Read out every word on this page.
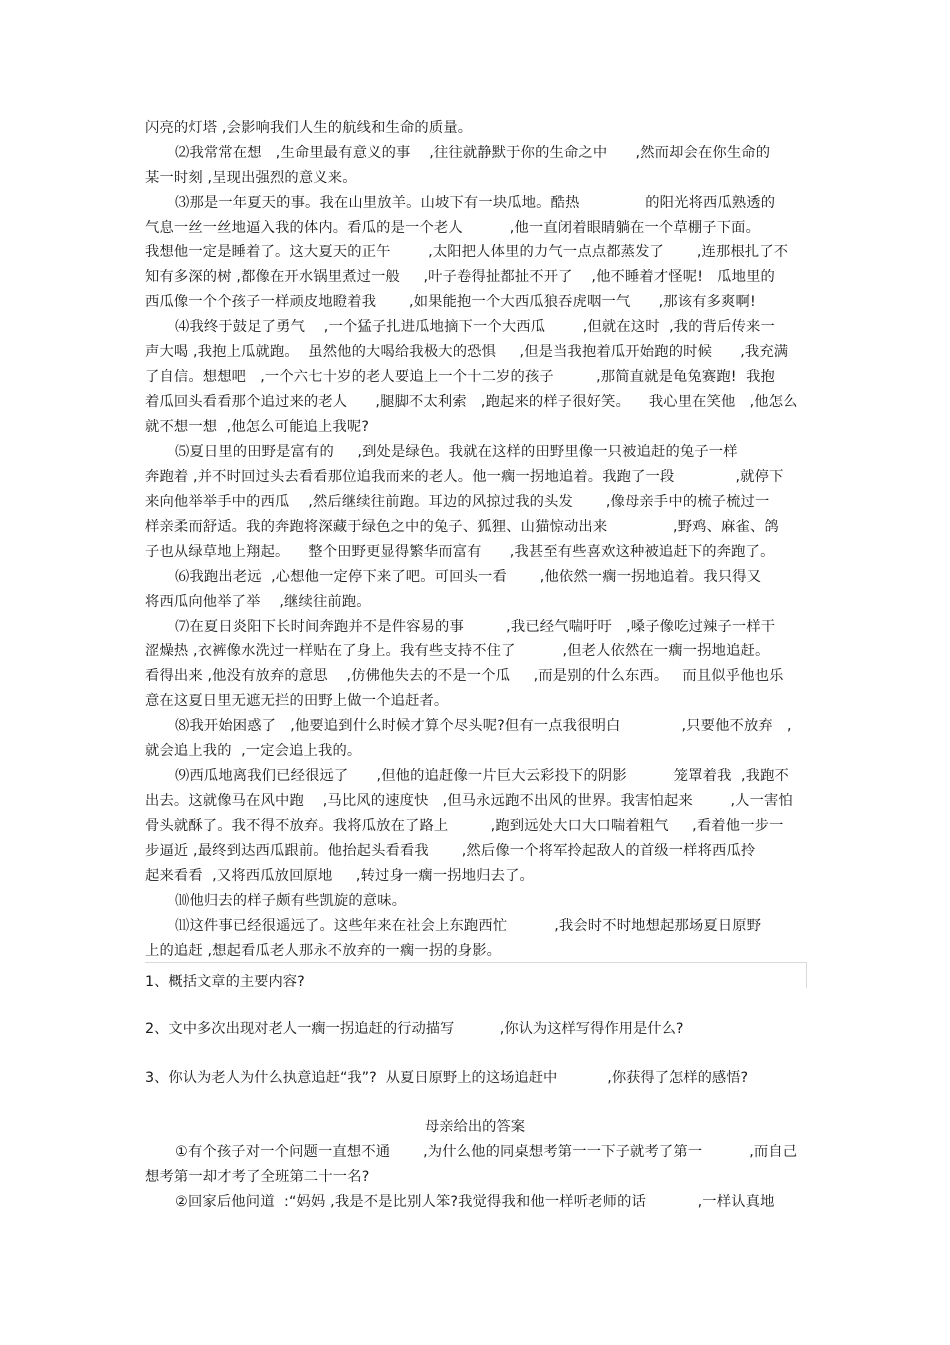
闪亮的灯塔 ,会影响我们人生的航线和生命的质量。
⑵我常常在想   ,生命里最有意义的事    ,往往就静默于你的生命之中      ,然而却会在你生命的
某一时刻 ,呈现出强烈的意义来。
⑶那是一年夏天的事。我在山里放羊。山坡下有一块瓜地。酷热              的阳光将西瓜熟透的
气息一丝一丝地逼入我的体内。看瓜的是一个老人          ,他一直闭着眼睛躺在一个草棚子下面。
我想他一定是睡着了。这大夏天的正午        ,太阳把人体里的力气一点点都蒸发了       ,连那根扎了不
知有多深的树 ,都像在开水锅里煮过一般     ,叶子卷得扯都扯不开了    ,他不睡着才怪呢!   瓜地里的
西瓜像一个个孩子一样顽皮地瞪着我       ,如果能抱一个大西瓜狼吞虎咽一气      ,那该有多爽啊!
⑷我终于鼓足了勇气    ,一个猛子扎进瓜地摘下一个大西瓜        ,但就在这时  ,我的背后传来一
声大喝 ,我抱上瓜就跑。  虽然他的大喝给我极大的恐惧     ,但是当我抱着瓜开始跑的时候      ,我充满
了自信。想想吧   ,一个六七十岁的老人要追上一个十二岁的孩子         ,那简直就是龟兔赛跑!  我抱
着瓜回头看看那个追过来的老人      ,腿脚不太利索   ,跑起来的样子很好笑。    我心里在笑他   ,他怎么
就不想一想  ,他怎么可能追上我呢?
⑸夏日里的田野是富有的     ,到处是绿色。我就在这样的田野里像一只被追赶的兔子一样
奔跑着 ,并不时回过头去看看那位追我而来的老人。他一瘸一拐地追着。我跑了一段             ,就停下
来向他举举手中的西瓜    ,然后继续往前跑。耳边的风掠过我的头发       ,像母亲手中的梳子梳过一
样亲柔而舒适。我的奔跑将深藏于绿色之中的兔子、狐狸、山猫惊动出来              ,野鸡、麻雀、鸽
子也从绿草地上翔起。    整个田野更显得繁华而富有      ,我甚至有些喜欢这种被追赶下的奔跑了。
⑹我跑出老远  ,心想他一定停下来了吧。可回头一看       ,他依然一瘸一拐地追着。我只得又
将西瓜向他举了举    ,继续往前跑。
⑺在夏日炎阳下长时间奔跑并不是件容易的事         ,我已经气喘吁吁   ,嗓子像吃过辣子一样干
涩燥热 ,衣裤像水洗过一样贴在了身上。我有些支持不住了          ,但老人依然在一瘸一拐地追赶。
看得出来 ,他没有放弃的意思    ,仿佛他失去的不是一个瓜     ,而是别的什么东西。   而且似乎他也乐
意在这夏日里无遮无拦的田野上做一个追赶者。
⑻我开始困惑了   ,他要追到什么时候才算个尽头呢?但有一点我很明白             ,只要他不放弃   ,
就会追上我的  ,一定会追上我的。
⑼西瓜地离我们已经很远了      ,但他的追赶像一片巨大云彩投下的阴影          笼罩着我  ,我跑不
出去。这就像马在风中跑    ,马比风的速度快   ,但马永远跑不出风的世界。我害怕起来        ,人一害怕
骨头就酥了。我不得不放弃。我将瓜放在了路上         ,跑到远处大口大口喘着粗气     ,看着他一步一
步逼近 ,最终到达西瓜跟前。他抬起头看看我       ,然后像一个将军拎起敌人的首级一样将西瓜拎
起来看看  ,又将西瓜放回原地     ,转过身一瘸一拐地归去了。
⑽他归去的样子颇有些凯旋的意味。
⑾这件事已经很遥远了。这些年来在社会上东跑西忙          ,我会时不时地想起那场夏日原野
上的追赶 ,想起看瓜老人那永不放弃的一瘸一拐的身影。
1、概括文章的主要内容?
2、文中多次出现对老人一瘸一拐追赶的行动描写          ,你认为这样写得作用是什么?
3、你认为老人为什么执意追赶“我”?  从夏日原野上的这场追赶中           ,你获得了怎样的感悟?
母亲给出的答案
①有个孩子对一个问题一直想不通       ,为什么他的同桌想考第一一下子就考了第一          ,而自己
想考第一却才考了全班第二十一名?
②回家后他问道  :“妈妈 ,我是不是比别人笨?我觉得我和他一样听老师的话           ,一样认真地
